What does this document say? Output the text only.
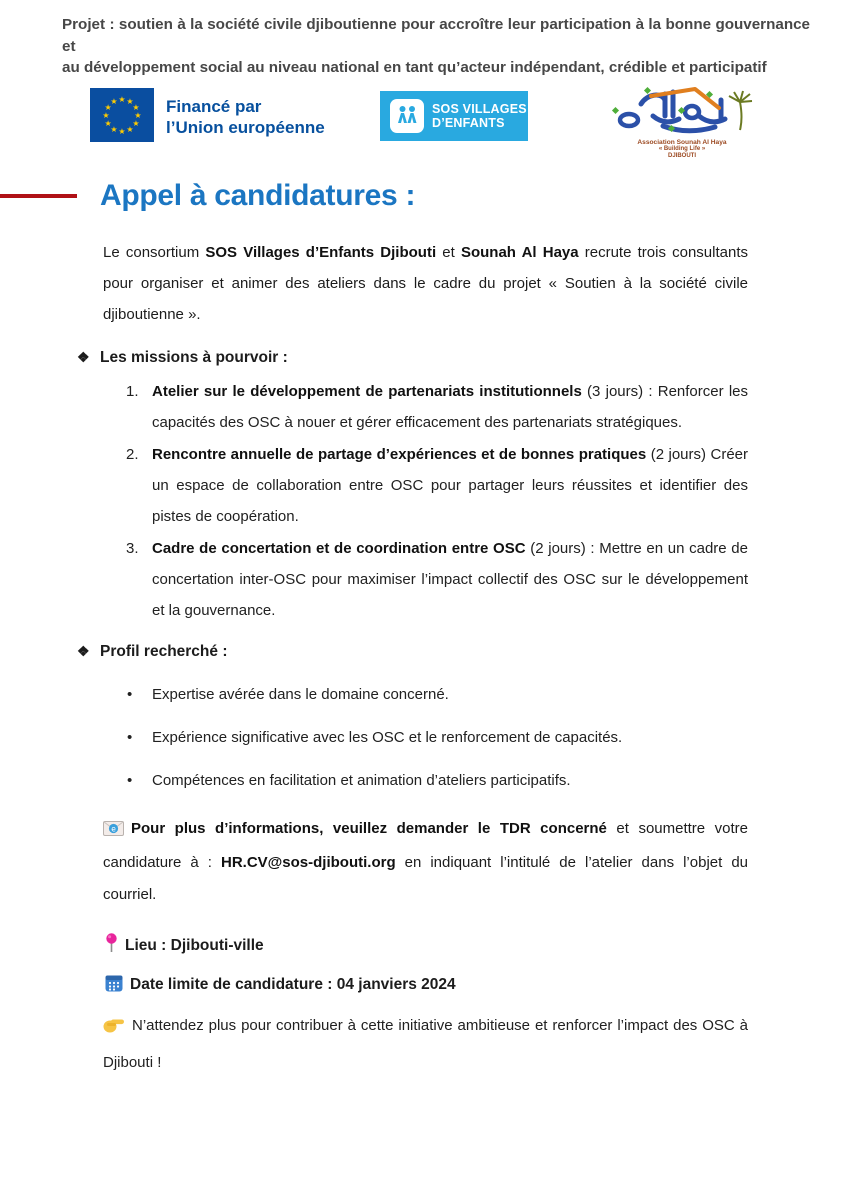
Projet : soutien à la société civile djiboutienne pour accroître leur participation à la bonne gouvernance et
au développement social au niveau national en tant qu’acteur indépendant, crédible et participatif
★ ★
★
★
★
★
★
★
★
★
★
★	Financé par
l’Union européenne
SOS VILLAGES
D’ENFANTS
Association Sounah Al Haya
« Building Life »
DJIBOUTI
Appel à candidatures :

Le consortium SOS Villages d’Enfants Djibouti et Sounah Al Haya recrute trois consultants pour organiser et animer des ateliers dans le cadre du projet « Soutien à la société civile djiboutienne ».

❖ Les missions à pourvoir :
1. Atelier sur le développement de partenariats institutionnels (3 jours) : Renforcer les capacités des OSC à nouer et gérer efficacement des partenariats stratégiques.
2. Rencontre annuelle de partage d’expériences et de bonnes pratiques (2 jours) Créer un espace de collaboration entre OSC pour partager leurs réussites et identifier des pistes de coopération.
3. Cadre de concertation et de coordination entre OSC (2 jours) : Mettre en un cadre de concertation inter-OSC pour maximiser l’impact collectif des OSC sur le développement et la gouvernance.
❖ Profil recherché :
• Expertise avérée dans le domaine concerné.
• Expérience significative avec les OSC et le renforcement de capacités.
• Compétences en facilitation et animation d’ateliers participatifs.

e Pour plus d’informations, veuillez demander le TDR concerné et soumettre votre candidature à : HR.CV@sos-djibouti.org en indiquant l’intitulé de l’atelier dans l’objet du courriel.

Lieu : Djibouti-ville
Date limite de candidature : 04 janviers 2024

N’attendez plus pour contribuer à cette initiative ambitieuse et renforcer l’impact des OSC à Djibouti !
